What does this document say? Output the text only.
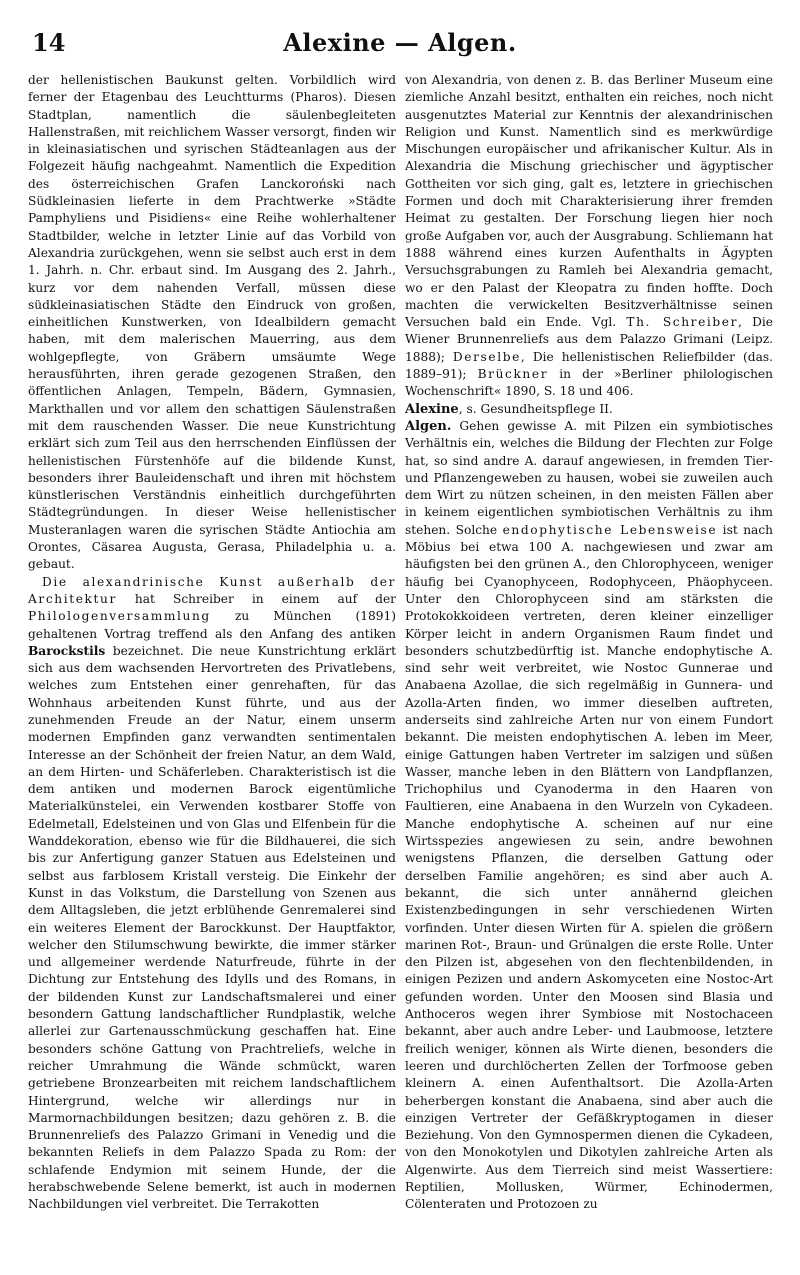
14	Alexine — Algen.

der hellenistischen Baukunst gelten. Vorbildlich wird ferner der Etagenbau des Leuchtturms (Pharos). Diesen Stadtplan, namentlich die säulenbegleiteten Hallenstraßen, mit reichlichem Wasser versorgt, finden wir in kleinasiatischen und syrischen Städteanlagen aus der Folgezeit häufig nachgeahmt. Namentlich die Expedition des österreichischen Grafen Lanckoroński nach Südkleinasien lieferte in dem Prachtwerke »Städte Pamphyliens und Pisidiens« eine Reihe wohlerhaltener Stadtbilder, welche in letzter Linie auf das Vorbild von Alexandria zurückgehen, wenn sie selbst auch erst in dem 1. Jahrh. n. Chr. erbaut sind. Im Ausgang des 2. Jahrh., kurz vor dem nahenden Verfall, müssen diese südkleinasiatischen Städte den Eindruck von großen, einheitlichen Kunstwerken, von Idealbildern gemacht haben, mit dem malerischen Mauerring, aus dem wohlgepflegte, von Gräbern umsäumte Wege herausführten, ihren geradе gezogenen Straßen, den öffentlichen Anlagen, Tempeln, Bädern, Gymnasien, Markthallen und vor allem den schattigen Säulenstraßen mit dem rauschenden Wasser. Die neue Kunstrichtung erklärt sich zum Teil aus den herrschenden Einflüssen der hellenistischen Fürstenhöfe auf die bildende Kunst, besonders ihrer Bauleidenschaft und ihren mit höchstem künstlerischen Verständnis einheitlich durchgeführten Städtegründungen. In dieser Weise hellenistischer Musteranlagen waren die syrischen Städte Antiochia am Orontes, Cäsarea Augusta, Gerasa, Philadelphia u. a. gebaut.

Die alexandrinische Kunst außerhalb der Architektur hat Schreiber in einem auf der Philologenversammlung zu München (1891) gehaltenen Vortrag treffend als den Anfang des antiken Barockstils bezeichnet. Die neue Kunstrichtung erklärt sich aus dem wachsenden Hervortreten des Privatlebens, welches zum Entstehen einer genrehaften, für das Wohnhaus arbeitenden Kunst führte, und aus der zunehmenden Freude an der Natur, einem unserm modernen Empfinden ganz verwandten sentimentalen Interesse an der Schönheit der freien Natur, an dem Wald, an dem Hirten- und Schäferleben. Charakteristisch ist die dem antiken und modernen Barock eigentümliche Materialkünstelei, ein Verwenden kostbarer Stoffe von Edelmetall, Edelsteinen und von Glas und Elfenbein für die Wanddekoration, ebenso wie für die Bildhauerei, die sich bis zur Anfertigung ganzer Statuen aus Edelsteinen und selbst aus farblosem Kristall versteig. Die Einkehr der Kunst in das Volkstum, die Darstellung von Szenen aus dem Alltagsleben, die jetzt erblühende Genremalerei sind ein weiteres Element der Barockkunst. Der Hauptfaktor, welcher den Stilumschwung bewirkte, die immer stärker und allgemeiner werdende Naturfreude, führte in der Dichtung zur Entstehung des Idylls und des Romans, in der bildenden Kunst zur Landschaftsmalerei und einer besondern Gattung landschaftlicher Rundplastik, welche allerlei zur Gartenausschmückung geschaffen hat. Eine besonders schöne Gattung von Prachtreliefs, welche in reicher Umrahmung die Wände schmückt, waren getriebene Bronzearbeiten mit reichem landschaftlichem Hintergrund, welche wir allerdings nur in Marmornachbildungen besitzen; dazu gehören z. B. die Brunnenreliefs des Palazzo Grimani in Venedig und die bekannten Reliefs in dem Palazzo Spada zu Rom: der schlafende Endymion mit seinem Hunde, der die herabschwebende Selene bemerkt, ist auch in modernen Nachbildungen viel verbreitet. Die Terrakotten

von Alexandria, von denen z. B. das Berliner Museum eine ziemliche Anzahl besitzt, enthalten ein reiches, noch nicht ausgenutztes Material zur Kenntnis der alexandrinischen Religion und Kunst. Namentlich sind es merkwürdige Mischungen europäischer und afrikanischer Kultur. Als in Alexandria die Mischung griechischer und ägyptischer Gottheiten vor sich ging, galt es, letztere in griechischen Formen und doch mit Charakterisierung ihrer fremden Heimat zu gestalten. Der Forschung liegen hier noch große Aufgaben vor, auch der Ausgrabung. Schliemann hat 1888 während eines kurzen Aufenthalts in Ägypten Versuchsgrabungen zu Ramleh bei Alexandria gemacht, wo er den Palast der Kleopatra zu finden hoffte. Doch machten die verwickelten Besitzverhältnisse seinen Versuchen bald ein Ende. Vgl. Th. Schreiber, Die Wiener Brunnenreliefs aus dem Palazzo Grimani (Leipz. 1888); Derselbe, Die hellenistischen Reliefbilder (das. 1889–91); Brückner in der »Berliner philologischen Wochenschrift« 1890, S. 18 und 406.

Alexine, s. Gesundheitspflege II.

Algen. Gehen gewisse A. mit Pilzen ein symbiotisches Verhältnis ein, welches die Bildung der Flechten zur Folge hat, so sind andre A. darauf angewiesen, in fremden Tier- und Pflanzengeweben zu hausen, wobei sie zuweilen auch dem Wirt zu nützen scheinen, in den meisten Fällen aber in keinem eigentlichen symbiotischen Verhältnis zu ihm stehen. Solche endophytische Lebensweise ist nach Möbius bei etwa 100 A. nachgewiesen und zwar am häufigsten bei den grünen A., den Chlorophyceen, weniger häufig bei Cyanophyceen, Rodophyceen, Phäophyceen. Unter den Chlorophyceen sind am stärksten die Protokokkoideen vertreten, deren kleiner einzelliger Körper leicht in andern Organismen Raum findet und besonders schutzbedürftig ist. Manche endophytische A. sind sehr weit verbreitet, wie Nostoc Gunnerae und Anabaena Azollae, die sich regelmäßig in Gunnera- und Azolla-Arten finden, wo immer dieselben auftreten, anderseits sind zahlreiche Arten nur von einem Fundort bekannt. Die meisten endophytischen A. leben im Meer, einige Gattungen haben Vertreter im salzigen und süßen Wasser, manche leben in den Blättern von Landpflanzen, Trichophilus und Cyanoderma in den Haaren von Faultieren, eine Anabaena in den Wurzeln von Cykadeen. Manche endophytische A. scheinen auf nur eine Wirtsspezies angewiesen zu sein, andre bewohnen wenigstens Pflanzen, die derselben Gattung oder derselben Familie angehören; es sind aber auch A. bekannt, die sich unter annähernd gleichen Existenzbedingungen in sehr verschiedenen Wirten vorfinden. Unter diesen Wirten für A. spielen die größern marinen Rot-, Braun- und Grünalgen die erste Rolle. Unter den Pilzen ist, abgesehen von den flechtenbildenden, in einigen Pezizen und andern Askomyceten eine Nostoc-Art gefunden worden. Unter den Moosen sind Blasia und Anthoceros wegen ihrer Symbiose mit Nostochaceen bekannt, aber auch andre Leber- und Laubmoose, letztere freilich weniger, können als Wirte dienen, besonders die leeren und durchlöcherten Zellen der Torfmoose geben kleinern A. einen Aufenthaltsort. Die Azolla-Arten beherbergen konstant die Anabaena, sind aber auch die einzigen Vertreter der Gefäßkryptogamen in dieser Beziehung. Von den Gymnospermen dienen die Cykadeen, von den Monokotylen und Dikotylen zahlreiche Arten als Algenwirte. Aus dem Tierreich sind meist Wassertiere: Reptilien, Mollusken, Würmer, Echinodermen, Cölenteraten und Protozoen zu
